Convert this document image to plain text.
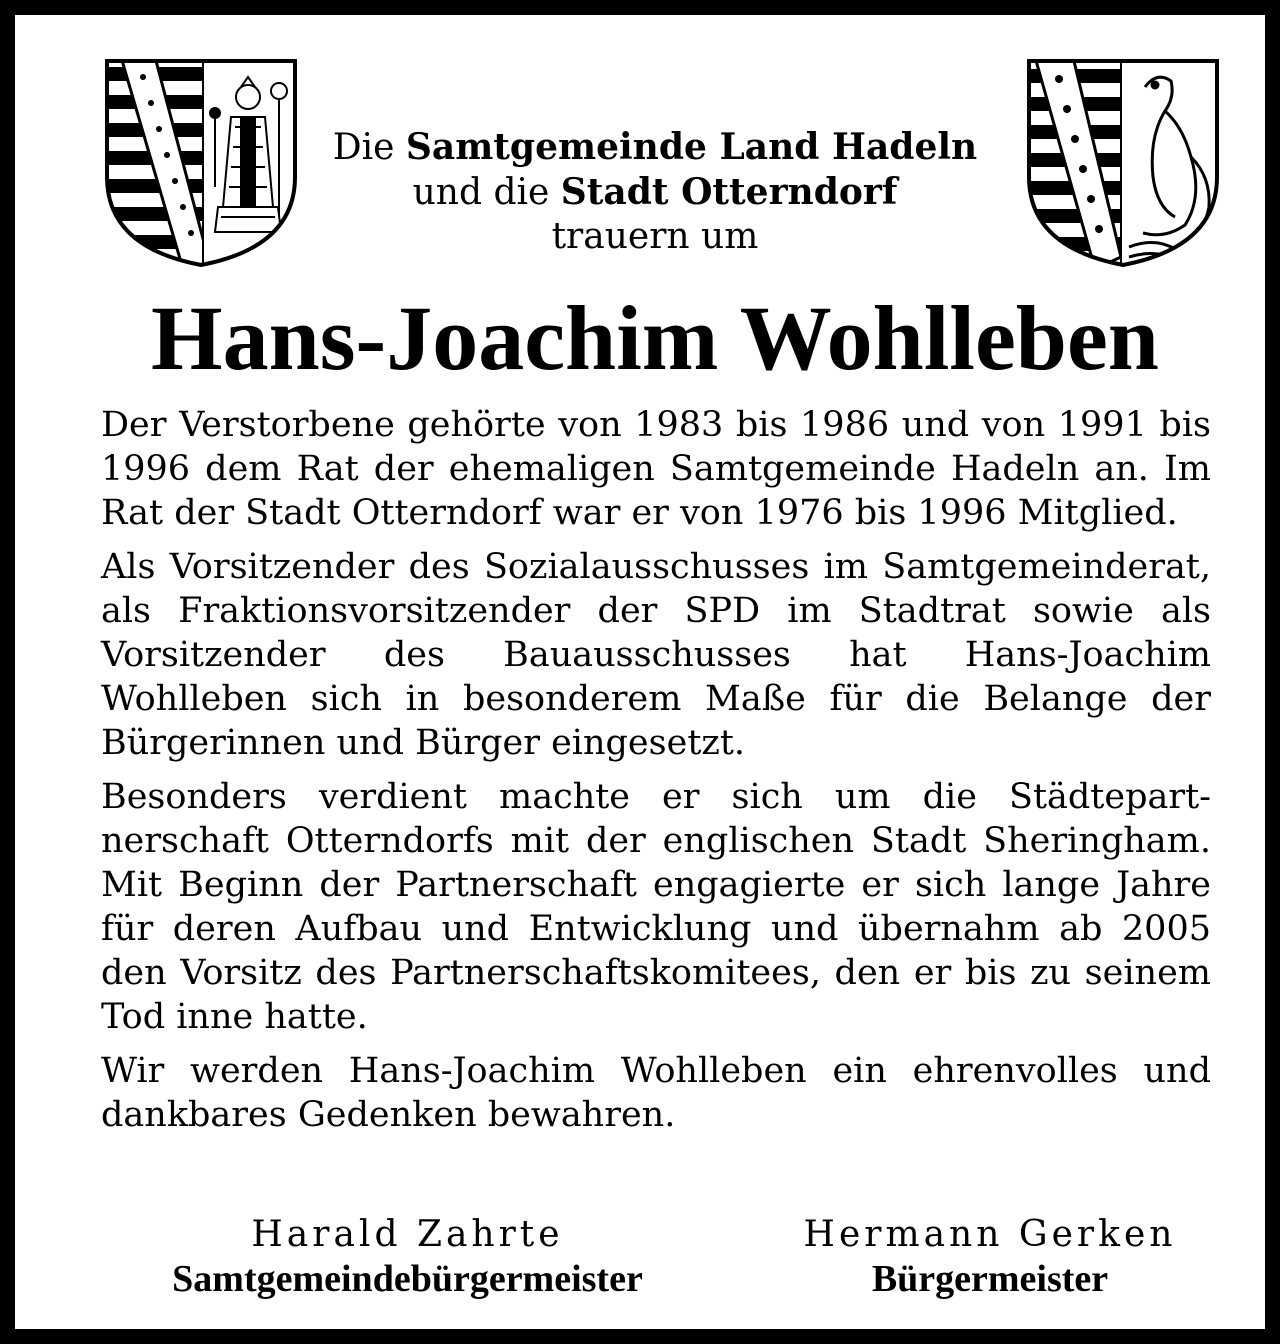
Die Samtgemeinde Land Hadeln
und die Stadt Otterndorf
trauern um
Hans-Joachim Wohlleben

Der Verstorbene gehörte von 1983 bis 1986 und von 1991 bis 1996 dem Rat der ehemaligen Samtgemeinde Hadeln an. Im Rat der Stadt Otterndorf war er von 1976 bis 1996 Mitglied.

Als Vorsitzender des Sozialausschusses im Samtgemeinderat, als Fraktionsvorsitzender der SPD im Stadtrat sowie als Vorsitzender des Bauausschusses hat Hans-Joachim Wohlleben sich in besonderem Maße für die Belange der Bürgerinnen und Bürger eingesetzt.

Besonders verdient machte er sich um die Städtepartnerschaft Otterndorfs mit der englischen Stadt Sheringham. Mit Beginn der Partnerschaft engagierte er sich lange Jahre für deren Aufbau und Entwicklung und übernahm ab 2005 den Vorsitz des Partnerschaftskomitees, den er bis zu seinem Tod inne hatte.

Wir werden Hans-Joachim Wohlleben ein ehrenvolles und dankbares Gedenken bewahren.

Harald Zahrte
Samtgemeindebürgermeister
Hermann Gerken
Bürgermeister
